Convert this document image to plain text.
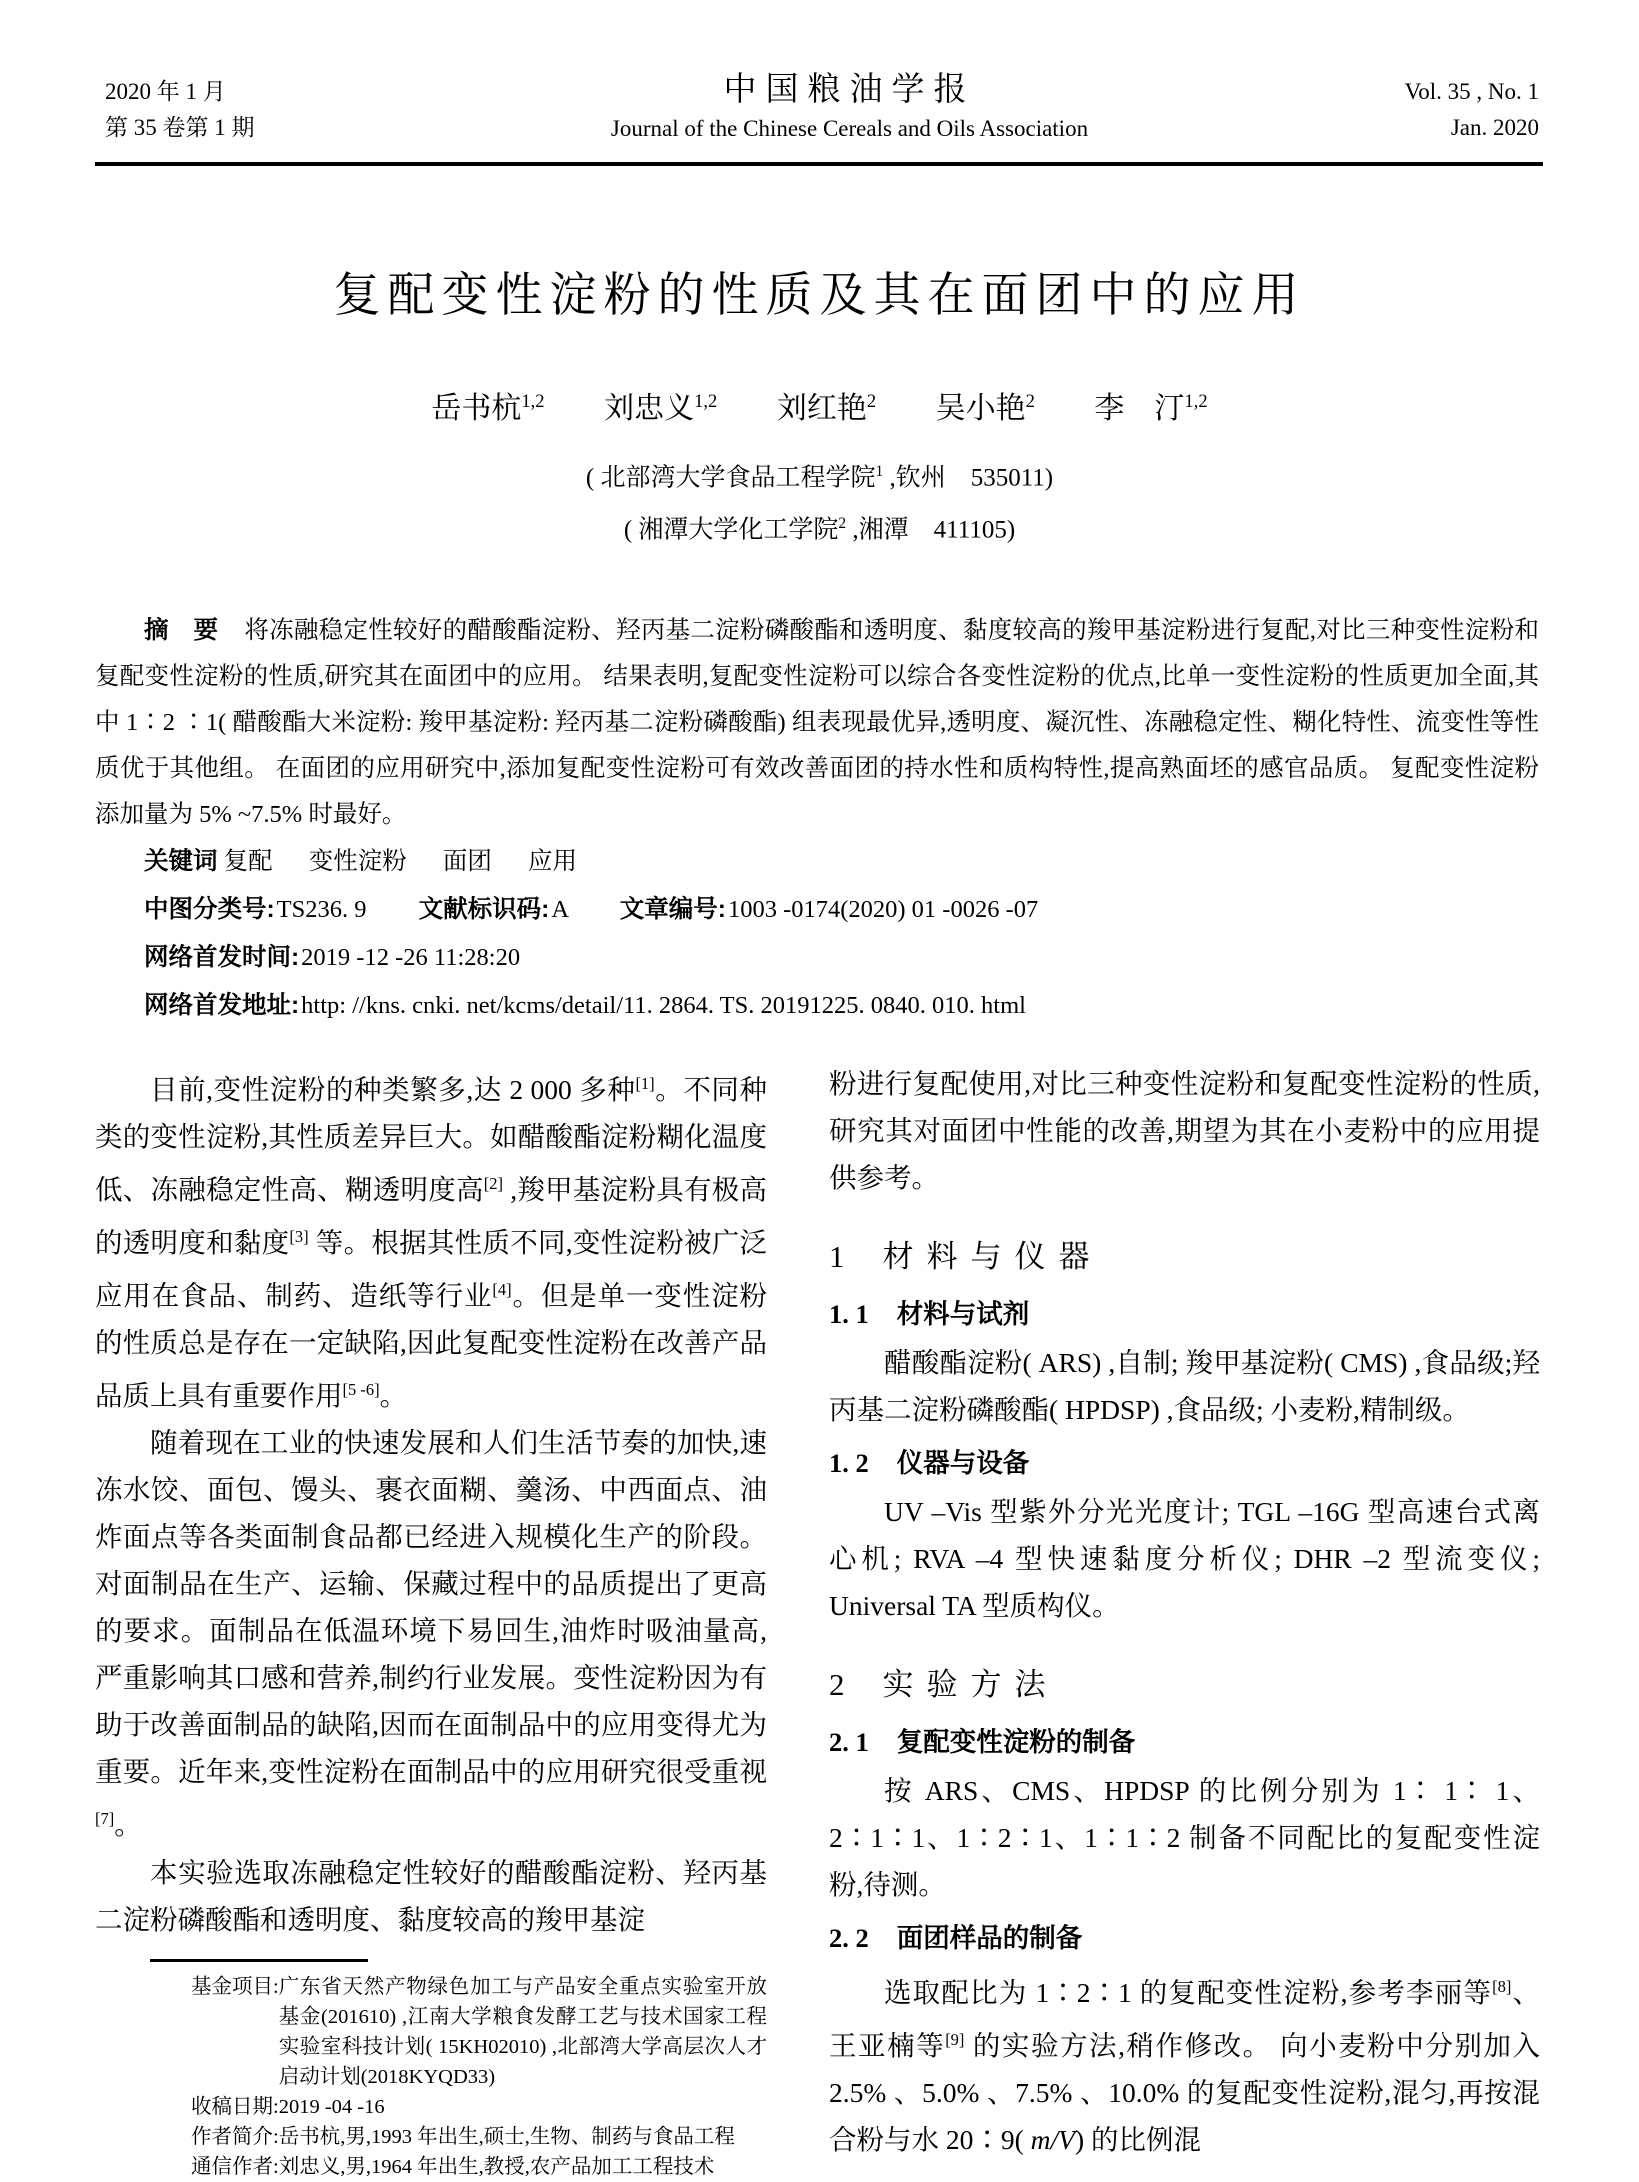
2020 年 1 月
第 35 卷第 1 期
中国粮油学报
Journal of the Chinese Cereals and Oils Association
Vol. 35 , No. 1
Jan. 2020
复配变性淀粉的性质及其在面团中的应用
岳书杭$^{1,2}$ 刘忠义$^{1,2}$ 刘红艳$^2$ 吴小艳$^2$ 李　汀$^{1,2}$
( 北部湾大学食品工程学院$^1$ ,钦州　535011)
( 湘潭大学化工学院$^2$ ,湘潭　411105)
摘　要 将冻融稳定性较好的醋酸酯淀粉、羟丙基二淀粉磷酸酯和透明度、黏度较高的羧甲基淀粉进行复配,对比三种变性淀粉和复配变性淀粉的性质,研究其在面团中的应用。 结果表明,复配变性淀粉可以综合各变性淀粉的优点,比单一变性淀粉的性质更加全面,其中 1∶2 ∶1( 醋酸酯大米淀粉: 羧甲基淀粉: 羟丙基二淀粉磷酸酯) 组表现最优异,透明度、凝沉性、冻融稳定性、糊化特性、流变性等性质优于其他组。 在面团的应用研究中,添加复配变性淀粉可有效改善面团的持水性和质构特性,提高熟面坯的感官品质。 复配变性淀粉添加量为 5% ~7.5% 时最好。
关键词 复配 变性淀粉 面团 应用
中图分类号:TS236. 9 文献标识码:A 文章编号:1003 -0174(2020) 01 -0026 -07
网络首发时间:2019 -12 -26 11:28:20
网络首发地址:http: //kns. cnki. net/kcms/detail/11. 2864. TS. 20191225. 0840. 010. html

目前,变性淀粉的种类繁多,达 2 000 多种[1]。不同种类的变性淀粉,其性质差异巨大。如醋酸酯淀粉糊化温度低、冻融稳定性高、糊透明度高[2] ,羧甲基淀粉具有极高的透明度和黏度[3] 等。根据其性质不同,变性淀粉被广泛应用在食品、制药、造纸等行业[4]。但是单一变性淀粉的性质总是存在一定缺陷,因此复配变性淀粉在改善产品品质上具有重要作用[5 -6]。

随着现在工业的快速发展和人们生活节奏的加快,速冻水饺、面包、馒头、裹衣面糊、羹汤、中西面点、油炸面点等各类面制食品都已经进入规模化生产的阶段。对面制品在生产、运输、保藏过程中的品质提出了更高的要求。面制品在低温环境下易回生,油炸时吸油量高,严重影响其口感和营养,制约行业发展。变性淀粉因为有助于改善面制品的缺陷,因而在面制品中的应用变得尤为重要。近年来,变性淀粉在面制品中的应用研究很受重视[7]。

本实验选取冻融稳定性较好的醋酸酯淀粉、羟丙基二淀粉磷酸酯和透明度、黏度较高的羧甲基淀

基金项目: 广东省天然产物绿色加工与产品安全重点实验室开放基金(201610) ,江南大学粮食发酵工艺与技术国家工程实验室科技计划( 15KH02010) ,北部湾大学高层次人才启动计划(2018KYQD33)
收稿日期: 2019 -04 -16
作者简介: 岳书杭,男,1993 年出生,硕士,生物、制药与食品工程
通信作者: 刘忠义,男,1964 年出生,教授,农产品加工工程技术

粉进行复配使用,对比三种变性淀粉和复配变性淀粉的性质,研究其对面团中性能的改善,期望为其在小麦粉中的应用提供参考。

1 材料与仪器
1. 1 材料与试剂

醋酸酯淀粉( ARS) ,自制; 羧甲基淀粉( CMS) ,食品级;羟丙基二淀粉磷酸酯( HPDSP) ,食品级; 小麦粉,精制级。

1. 2 仪器与设备

UV –Vis 型紫外分光光度计; TGL –16G 型高速台式离心机; RVA –4 型快速黏度分析仪; DHR –2 型流变仪; Universal TA 型质构仪。

2 实验方法
2. 1 复配变性淀粉的制备

按 ARS、CMS、HPDSP 的比例分别为 1∶ 1∶ 1、2∶1∶1、1∶2∶1、1∶1∶2 制备不同配比的复配变性淀粉,待测。

2. 2 面团样品的制备

选取配比为 1∶2∶1 的复配变性淀粉,参考李丽等[8]、王亚楠等[9] 的实验方法,稍作修改。 向小麦粉中分别加入 2.5% 、5.0% 、7.5% 、10.0% 的复配变性淀粉,混匀,再按混合粉与水 20∶9( m/V) 的比例混
